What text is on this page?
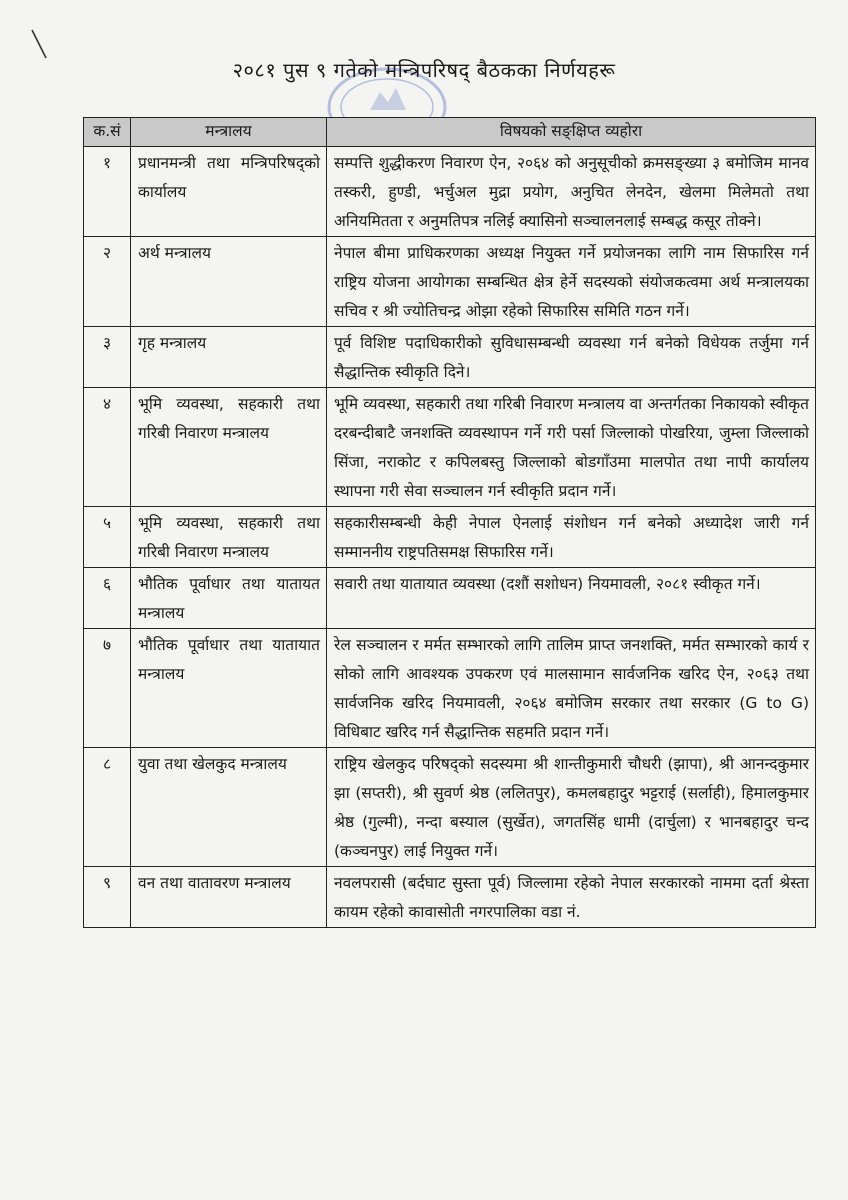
२०८१ पुस ९ गतेको मन्त्रिपरिषद् बैठकका निर्णयहरू
क.सं	मन्त्रालय	विषयको सङ्क्षिप्त व्यहोरा
१	प्रधानमन्त्री तथा मन्त्रिपरिषद्को कार्यालय	सम्पत्ति शुद्धीकरण निवारण ऐन, २०६४ को अनुसूचीको क्रमसङ्ख्या ३ बमोजिम मानव तस्करी, हुण्डी, भर्चुअल मुद्रा प्रयोग, अनुचित लेनदेन, खेलमा मिलेमतो तथा अनियमितता र अनुमतिपत्र नलिई क्यासिनो सञ्चालनलाई सम्बद्ध कसूर तोक्ने।
२	अर्थ मन्त्रालय	नेपाल बीमा प्राधिकरणका अध्यक्ष नियुक्त गर्ने प्रयोजनका लागि नाम सिफारिस गर्न राष्ट्रिय योजना आयोगका सम्बन्धित क्षेत्र हेर्ने सदस्यको संयोजकत्वमा अर्थ मन्त्रालयका सचिव र श्री ज्योतिचन्द्र ओझा रहेको सिफारिस समिति गठन गर्ने।
३	गृह मन्त्रालय	पूर्व विशिष्ट पदाधिकारीको सुविधासम्बन्धी व्यवस्था गर्न बनेको विधेयक तर्जुमा गर्न सैद्धान्तिक स्वीकृति दिने।
४	भूमि व्यवस्था, सहकारी तथा गरिबी निवारण मन्त्रालय	भूमि व्यवस्था, सहकारी तथा गरिबी निवारण मन्त्रालय वा अन्तर्गतका निकायको स्वीकृत दरबन्दीबाटै जनशक्ति व्यवस्थापन गर्ने गरी पर्सा जिल्लाको पोखरिया, जुम्ला जिल्लाको सिंजा, नराकोट र कपिलबस्तु जिल्लाको बोडगाँउमा मालपोत तथा नापी कार्यालय स्थापना गरी सेवा सञ्चालन गर्न स्वीकृति प्रदान गर्ने।
५	भूमि व्यवस्था, सहकारी तथा गरिबी निवारण मन्त्रालय	सहकारीसम्बन्धी केही नेपाल ऐनलाई संशोधन गर्न बनेको अध्यादेश जारी गर्न सम्माननीय राष्ट्रपतिसमक्ष सिफारिस गर्ने।
६	भौतिक पूर्वाधार तथा यातायत मन्त्रालय	सवारी तथा यातायात व्यवस्था (दशौं सशोधन) नियमावली, २०८१ स्वीकृत गर्ने।
७	भौतिक पूर्वाधार तथा यातायात मन्त्रालय	रेल सञ्चालन र मर्मत सम्भारको लागि तालिम प्राप्त जनशक्ति, मर्मत सम्भारको कार्य र सोको लागि आवश्यक उपकरण एवं मालसामान सार्वजनिक खरिद ऐन, २०६३ तथा सार्वजनिक खरिद नियमावली, २०६४ बमोजिम सरकार तथा सरकार (G to G) विधिबाट खरिद गर्न सैद्धान्तिक सहमति प्रदान गर्ने।
८	युवा तथा खेलकुद मन्त्रालय	राष्ट्रिय खेलकुद परिषद्को सदस्यमा श्री शान्तीकुमारी चौधरी (झापा), श्री आनन्दकुमार झा (सप्तरी), श्री सुवर्ण श्रेष्ठ (ललितपुर), कमलबहादुर भट्टराई (सर्लाही), हिमालकुमार श्रेष्ठ (गुल्मी), नन्दा बस्याल (सुर्खेत), जगतसिंह धामी (दार्चुला) र भानबहादुर चन्द (कञ्चनपुर) लाई नियुक्त गर्ने।
९	वन तथा वातावरण मन्त्रालय	नवलपरासी (बर्दघाट सुस्ता पूर्व) जिल्लामा रहेको नेपाल सरकारको नाममा दर्ता श्रेस्ता कायम रहेको कावासोती नगरपालिका वडा नं.
